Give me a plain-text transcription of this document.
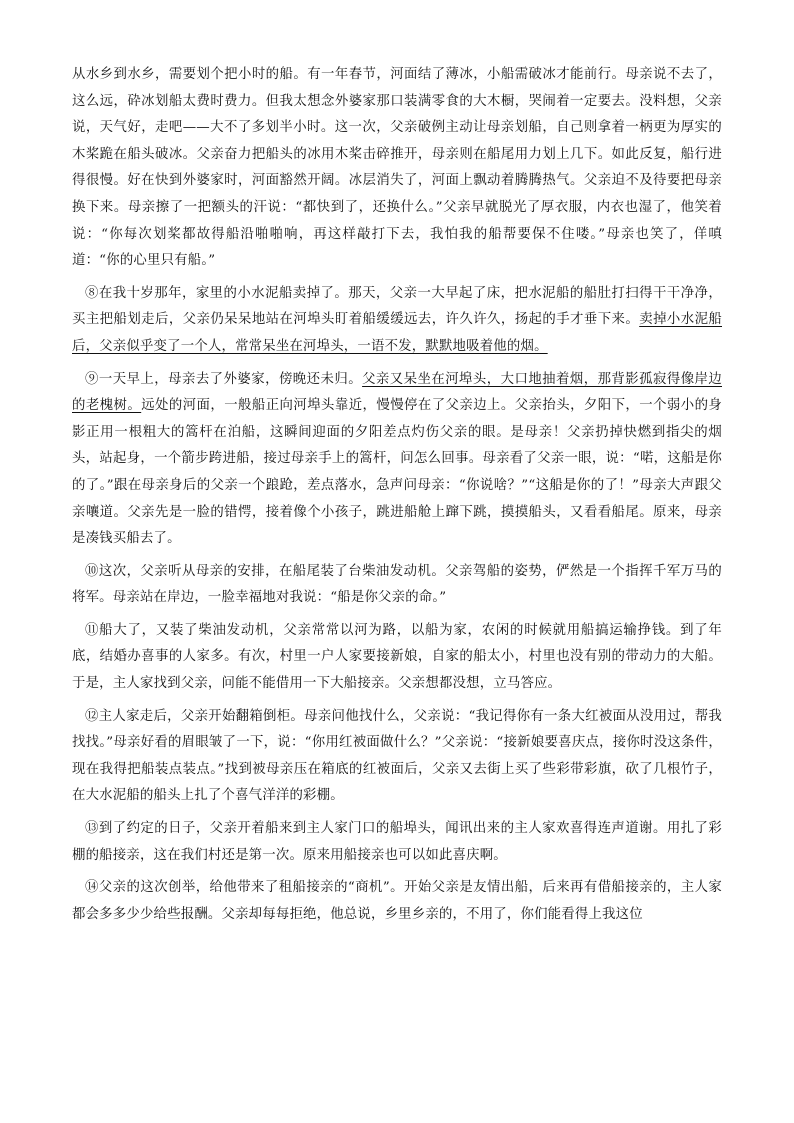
从水乡到水乡，需要划个把小时的船。有一年春节，河面结了薄冰，小船需破冰才能前行。母亲说不去了，这么远，砕冰划船太费时费力。但我太想念外婆家那口装满零食的大木橱，哭闹着一定要去。没料想，父亲说，天气好，走吧——大不了多划半小时。这一次，父亲破例主动让母亲划船，自己则拿着一柄更为厚实的木桨跪在船头破冰。父亲奋力把船头的冰用木桨击碎推开，母亲则在船尾用力划上几下。如此反复，船行进得很慢。好在快到外婆家时，河面豁然开阔。冰层消失了，河面上飘动着腾腾热气。父亲迫不及待要把母亲换下来。母亲擦了一把额头的汗说：“都快到了，还换什么。”父亲早就脱光了厚衣服，内衣也湿了，他笑着说：“你每次划桨都故得船沿啪啪响，再这样敲打下去，我怕我的船帮要保不住喽。”母亲也笑了，佯嗔道：“你的心里只有船。”

⑧在我十岁那年，家里的小水泥船卖掉了。那天，父亲一大早起了床，把水泥船的船肚打扫得干干净净，买主把船划走后，父亲仍呆呆地站在河埠头盯着船缓缓远去，许久许久，扬起的手才垂下来。卖掉小水泥船后，父亲似乎变了一个人，常常呆坐在河埠头，一语不发，默默地吸着他的烟。

⑨一天早上，母亲去了外婆家，傍晚还未归。父亲又呆坐在河埠头，大口地抽着烟，那背影孤寂得像岸边的老槐树。远处的河面，一般船正向河埠头靠近，慢慢停在了父亲边上。父亲抬头，夕阳下，一个弱小的身影正用一根粗大的篙杆在泊船，这瞬间迎面的夕阳差点灼伤父亲的眼。是母亲！父亲扔掉快燃到指尖的烟头，站起身，一个箭步跨进船，接过母亲手上的篙杆，问怎么回事。母亲看了父亲一眼，说：“喏，这船是你的了。”跟在母亲身后的父亲一个踉跄，差点落水，急声问母亲：“你说啥？”“这船是你的了！”母亲大声跟父亲嚷道。父亲先是一脸的错愕，接着像个小孩子，跳进船舱上蹿下跳，摸摸船头，又看看船尾。原来，母亲是凑钱买船去了。

⑩这次，父亲听从母亲的安排，在船尾装了台柴油发动机。父亲驾船的姿势，俨然是一个指挥千军万马的将军。母亲站在岸边，一脸幸福地对我说：“船是你父亲的命。”

⑪船大了，又装了柴油发动机，父亲常常以河为路，以船为家，农闲的时候就用船搞运输挣钱。到了年底，结婚办喜事的人家多。有次，村里一户人家要接新娘，自家的船太小，村里也没有别的带动力的大船。于是，主人家找到父亲，问能不能借用一下大船接亲。父亲想都没想，立马答应。

⑫主人家走后，父亲开始翻箱倒柜。母亲问他找什么，父亲说：“我记得你有一条大红被面从没用过，帮我找找。”母亲好看的眉眼皱了一下，说：“你用红被面做什么？”父亲说：“接新娘要喜庆点，接你时没这条件，现在我得把船装点装点。”找到被母亲压在箱底的红被面后，父亲又去街上买了些彩带彩旗，砍了几根竹子，在大水泥船的船头上扎了个喜气洋洋的彩棚。

⑬到了约定的日子，父亲开着船来到主人家门口的船埠头，闻讯出来的主人家欢喜得连声道谢。用扎了彩棚的船接亲，这在我们村还是第一次。原来用船接亲也可以如此喜庆啊。

⑭父亲的这次创举，给他带来了租船接亲的“商机”。开始父亲是友情出船，后来再有借船接亲的，主人家都会多多少少给些报酬。父亲却每每拒绝，他总说，乡里乡亲的，不用了，你们能看得上我这位
